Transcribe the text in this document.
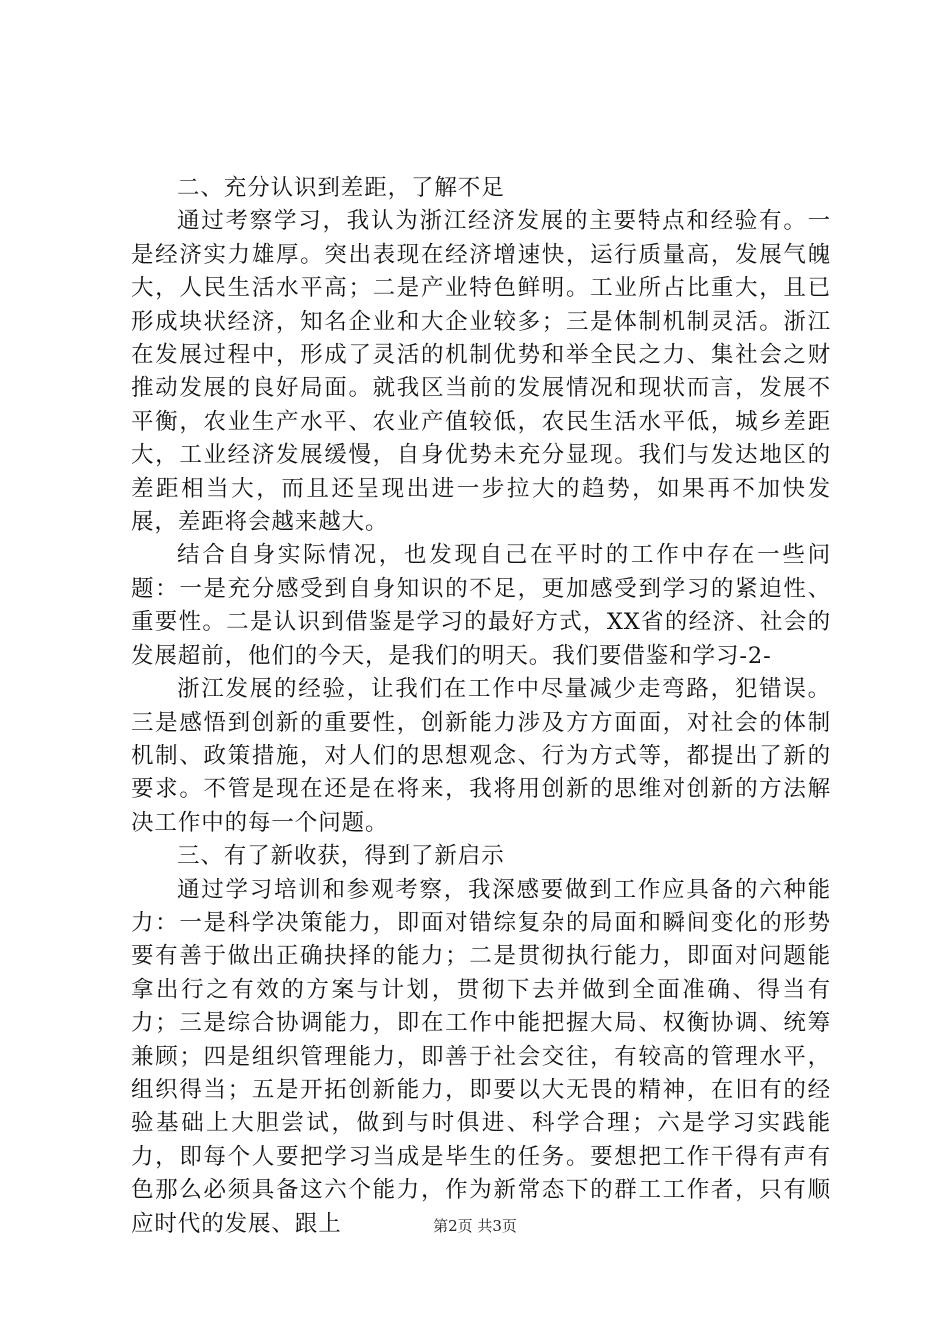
二、充分认识到差距，了解不足

通过考察学习，我认为浙江经济发展的主要特点和经验有。一是经济实力雄厚。突出表现在经济增速快，运行质量高，发展气魄大，人民生活水平高；二是产业特色鲜明。工业所占比重大，且已形成块状经济，知名企业和大企业较多；三是体制机制灵活。浙江在发展过程中，形成了灵活的机制优势和举全民之力、集社会之财推动发展的良好局面。就我区当前的发展情况和现状而言，发展不平衡，农业生产水平、农业产值较低，农民生活水平低，城乡差距大，工业经济发展缓慢，自身优势未充分显现。我们与发达地区的差距相当大，而且还呈现出进一步拉大的趋势，如果再不加快发展，差距将会越来越大。

结合自身实际情况，也发现自己在平时的工作中存在一些问题：一是充分感受到自身知识的不足，更加感受到学习的紧迫性、重要性。二是认识到借鉴是学习的最好方式，XX省的经济、社会的发展超前，他们的今天，是我们的明天。我们要借鉴和学习-2-

浙江发展的经验，让我们在工作中尽量减少走弯路，犯错误。三是感悟到创新的重要性，创新能力涉及方方面面，对社会的体制机制、政策措施，对人们的思想观念、行为方式等，都提出了新的要求。不管是现在还是在将来，我将用创新的思维对创新的方法解决工作中的每一个问题。

三、有了新收获，得到了新启示

通过学习培训和参观考察，我深感要做到工作应具备的六种能力：一是科学决策能力，即面对错综复杂的局面和瞬间变化的形势要有善于做出正确抉择的能力；二是贯彻执行能力，即面对问题能拿出行之有效的方案与计划，贯彻下去并做到全面准确、得当有力；三是综合协调能力，即在工作中能把握大局、权衡协调、统筹兼顾；四是组织管理能力，即善于社会交往，有较高的管理水平，组织得当；五是开拓创新能力，即要以大无畏的精神，在旧有的经验基础上大胆尝试，做到与时俱进、科学合理；六是学习实践能力，即每个人要把学习当成是毕生的任务。要想把工作干得有声有色那么必须具备这六个能力，作为新常态下的群工工作者，只有顺应时代的发展、跟上	第2页 共3页
